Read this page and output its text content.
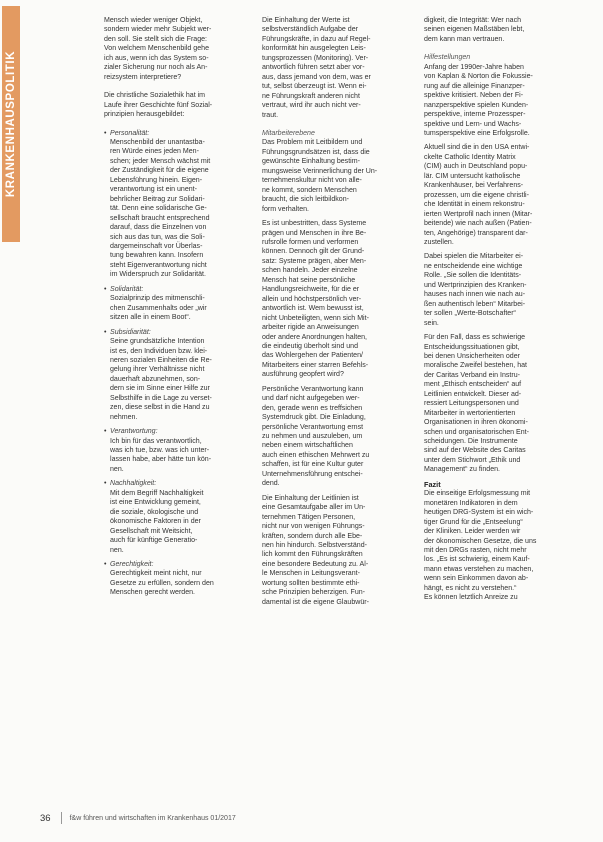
KRANKENHAUSPOLITIK

Mensch wieder weniger Objekt,

sondern wieder mehr Subjekt wer-

den soll. Sie stellt sich die Frage:

Von welchem Menschenbild gehe

ich aus, wenn ich das System so-

zialer Sicherung nur noch als An-

reizsystem interpretiere?

Die christliche Sozialethik hat im

Laufe ihrer Geschichte fünf Sozial-

prinzipien herausgebildet:

• Personalität:

Menschenbild der unantastba-

ren Würde eines jeden Men-

schen; jeder Mensch wächst mit

der Zuständigkeit für die eigene

Lebensführung hinein. Eigen-

verantwortung ist ein unent-

behrlicher Beitrag zur Solidari-

tät. Denn eine solidarische Ge-

sellschaft braucht entsprechend

darauf, dass die Einzelnen von

sich aus das tun, was die Soli-

dargemeinschaft vor Überlas-

tung bewahren kann. Insofern

steht Eigenverantwortung nicht

im Widerspruch zur Solidarität.

• Solidarität:

Sozialprinzip des mitmenschli-

chen Zusammenhalts oder „wir

sitzen alle in einem Boot“.

• Subsidiarität:

Seine grundsätzliche Intention

ist es, den Individuen bzw. klei-

neren sozialen Einheiten die Re-

gelung ihrer Verhältnisse nicht

dauerhaft abzunehmen, son-

dern sie im Sinne einer Hilfe zur

Selbsthilfe in die Lage zu verset-

zen, diese selbst in die Hand zu

nehmen.

• Verantwortung:

Ich bin für das verantwortlich,

was ich tue, bzw. was ich unter-

lassen habe, aber hätte tun kön-

nen.

• Nachhaltigkeit:

Mit dem Begriff Nachhaltigkeit

ist eine Entwicklung gemeint,

die soziale, ökologische und

ökonomische Faktoren in der

Gesellschaft mit Weitsicht,

auch für künftige Generatio-

nen.

• Gerechtigkeit:

Gerechtigkeit meint nicht, nur

Gesetze zu erfüllen, sondern den

Menschen gerecht werden.

Die Einhaltung der Werte ist

selbstverständlich Aufgabe der

Führungskräfte, in dazu auf Regel-

konformität hin ausgelegten Leis-

tungsprozessen (Monitoring). Ver-

antwortlich führen setzt aber vor-

aus, dass jemand von dem, was er

tut, selbst überzeugt ist. Wenn ei-

ne Führungskraft anderen nicht

vertraut, wird ihr auch nicht ver-

traut.

Mitarbeiterebene

Das Problem mit Leitbildern und

Führungsgrundsätzen ist, dass die

gewünschte Einhaltung bestim-

mungsweise Verinnerlichung der Un-

ternehmenskultur nicht von alle-

ne kommt, sondern Menschen

braucht, die sich leitbildkon-

form verhalten.

Es ist unbestritten, dass Systeme

prägen und Menschen in ihre Be-

rufsrolle formen und verformen

können. Dennoch gilt der Grund-

satz: Systeme prägen, aber Men-

schen handeln. Jeder einzelne

Mensch hat seine persönliche

Handlungsreichweite, für die er

allein und höchstpersönlich ver-

antwortlich ist. Wem bewusst ist,

nicht Unbeteiligten, wenn sich Mit-

arbeiter rigide an Anweisungen

oder andere Anordnungen halten,

die eindeutig überholt sind und

das Wohlergehen der Patienten/

Mitarbeiters einer starren Befehls-

ausführung geopfert wird?

Persönliche Verantwortung kann

und darf nicht aufgegeben wer-

den, gerade wenn es treffsichen

Systemdruck gibt. Die Einladung,

persönliche Verantwortung ernst

zu nehmen und auszuleben, um

neben einem wirtschaftlichen

auch einen ethischen Mehrwert zu

schaffen, ist für eine Kultur guter

Unternehmensführung entschei-

dend.

Die Einhaltung der Leitlinien ist

eine Gesamtaufgabe aller im Un-

ternehmen Tätigen Personen,

nicht nur von wenigen Führungs-

kräften, sondern durch alle Ebe-

nen hin hindurch. Selbstverständ-

lich kommt den Führungskräften

eine besondere Bedeutung zu. Al-

le Menschen in Leitungsverant-

wortung sollten bestimmte ethi-

sche Prinzipien beherzigen. Fun-

damental ist die eigene Glaubwür-

digkeit, die Integrität: Wer nach

seinen eigenen Maßstäben lebt,

dem kann man vertrauen.

Hilfestellungen

Anfang der 1990er-Jahre haben

von Kaplan & Norton die Fokussie-

rung auf die alleinige Finanzper-

spektive kritisiert. Neben der Fi-

nanzperspektive spielen Kunden-

perspektive, interne Prozessper-

spektive und Lern- und Wachs-

tumsperspektive eine Erfolgsrolle.

Aktuell sind die in den USA entwi-

ckelte Catholic Identity Matrix

(CIM) auch in Deutschland popu-

lär. CIM untersucht katholische

Krankenhäuser, bei Verfahrens-

prozessen, um die eigene christli-

che Identität in einem rekonstru-

ierten Wertprofil nach innen (Mitar-

beitende) wie nach außen (Patien-

ten, Angehörige) transparent dar-

zustellen.

Dabei spielen die Mitarbeiter ei-

ne entscheidende eine wichtige

Rolle. „Sie sollen die Identitäts-

und Wertprinzipien des Kranken-

hauses nach innen wie nach au-

ßen authentisch leben“ Mitarbei-

ter sollen „Werte-Botschafter“

sein.

Für den Fall, dass es schwierige

Entscheidungssituationen gibt,

bei denen Unsicherheiten oder

moralische Zweifel bestehen, hat

der Caritas Verband ein Instru-

ment „Ethisch entscheiden“ auf

Leitlinien entwickelt. Dieser ad-

ressiert Leitungspersonen und

Mitarbeiter in wertorientierten

Organisationen in ihren ökonomi-

schen und organisatorischen Ent-

scheidungen. Die Instrumente

sind auf der Website des Caritas

unter dem Stichwort „Ethik und

Management“ zu finden.

Fazit

Die einseitige Erfolgsmessung mit

monetären Indikatoren in dem

heutigen DRG-System ist ein wich-

tiger Grund für die „Entseelung“

der Kliniken. Leider werden wir

der ökonomischen Gesetze, die uns

mit den DRGs rasten, nicht mehr

los. „Es ist schwierig, einem Kauf-

mann etwas verstehen zu machen,

wenn sein Einkommen davon ab-

hängt, es nicht zu verstehen.“

Es können letztlich Anreize zu

36	f&w führen und wirtschaften im Krankenhaus 01/2017
